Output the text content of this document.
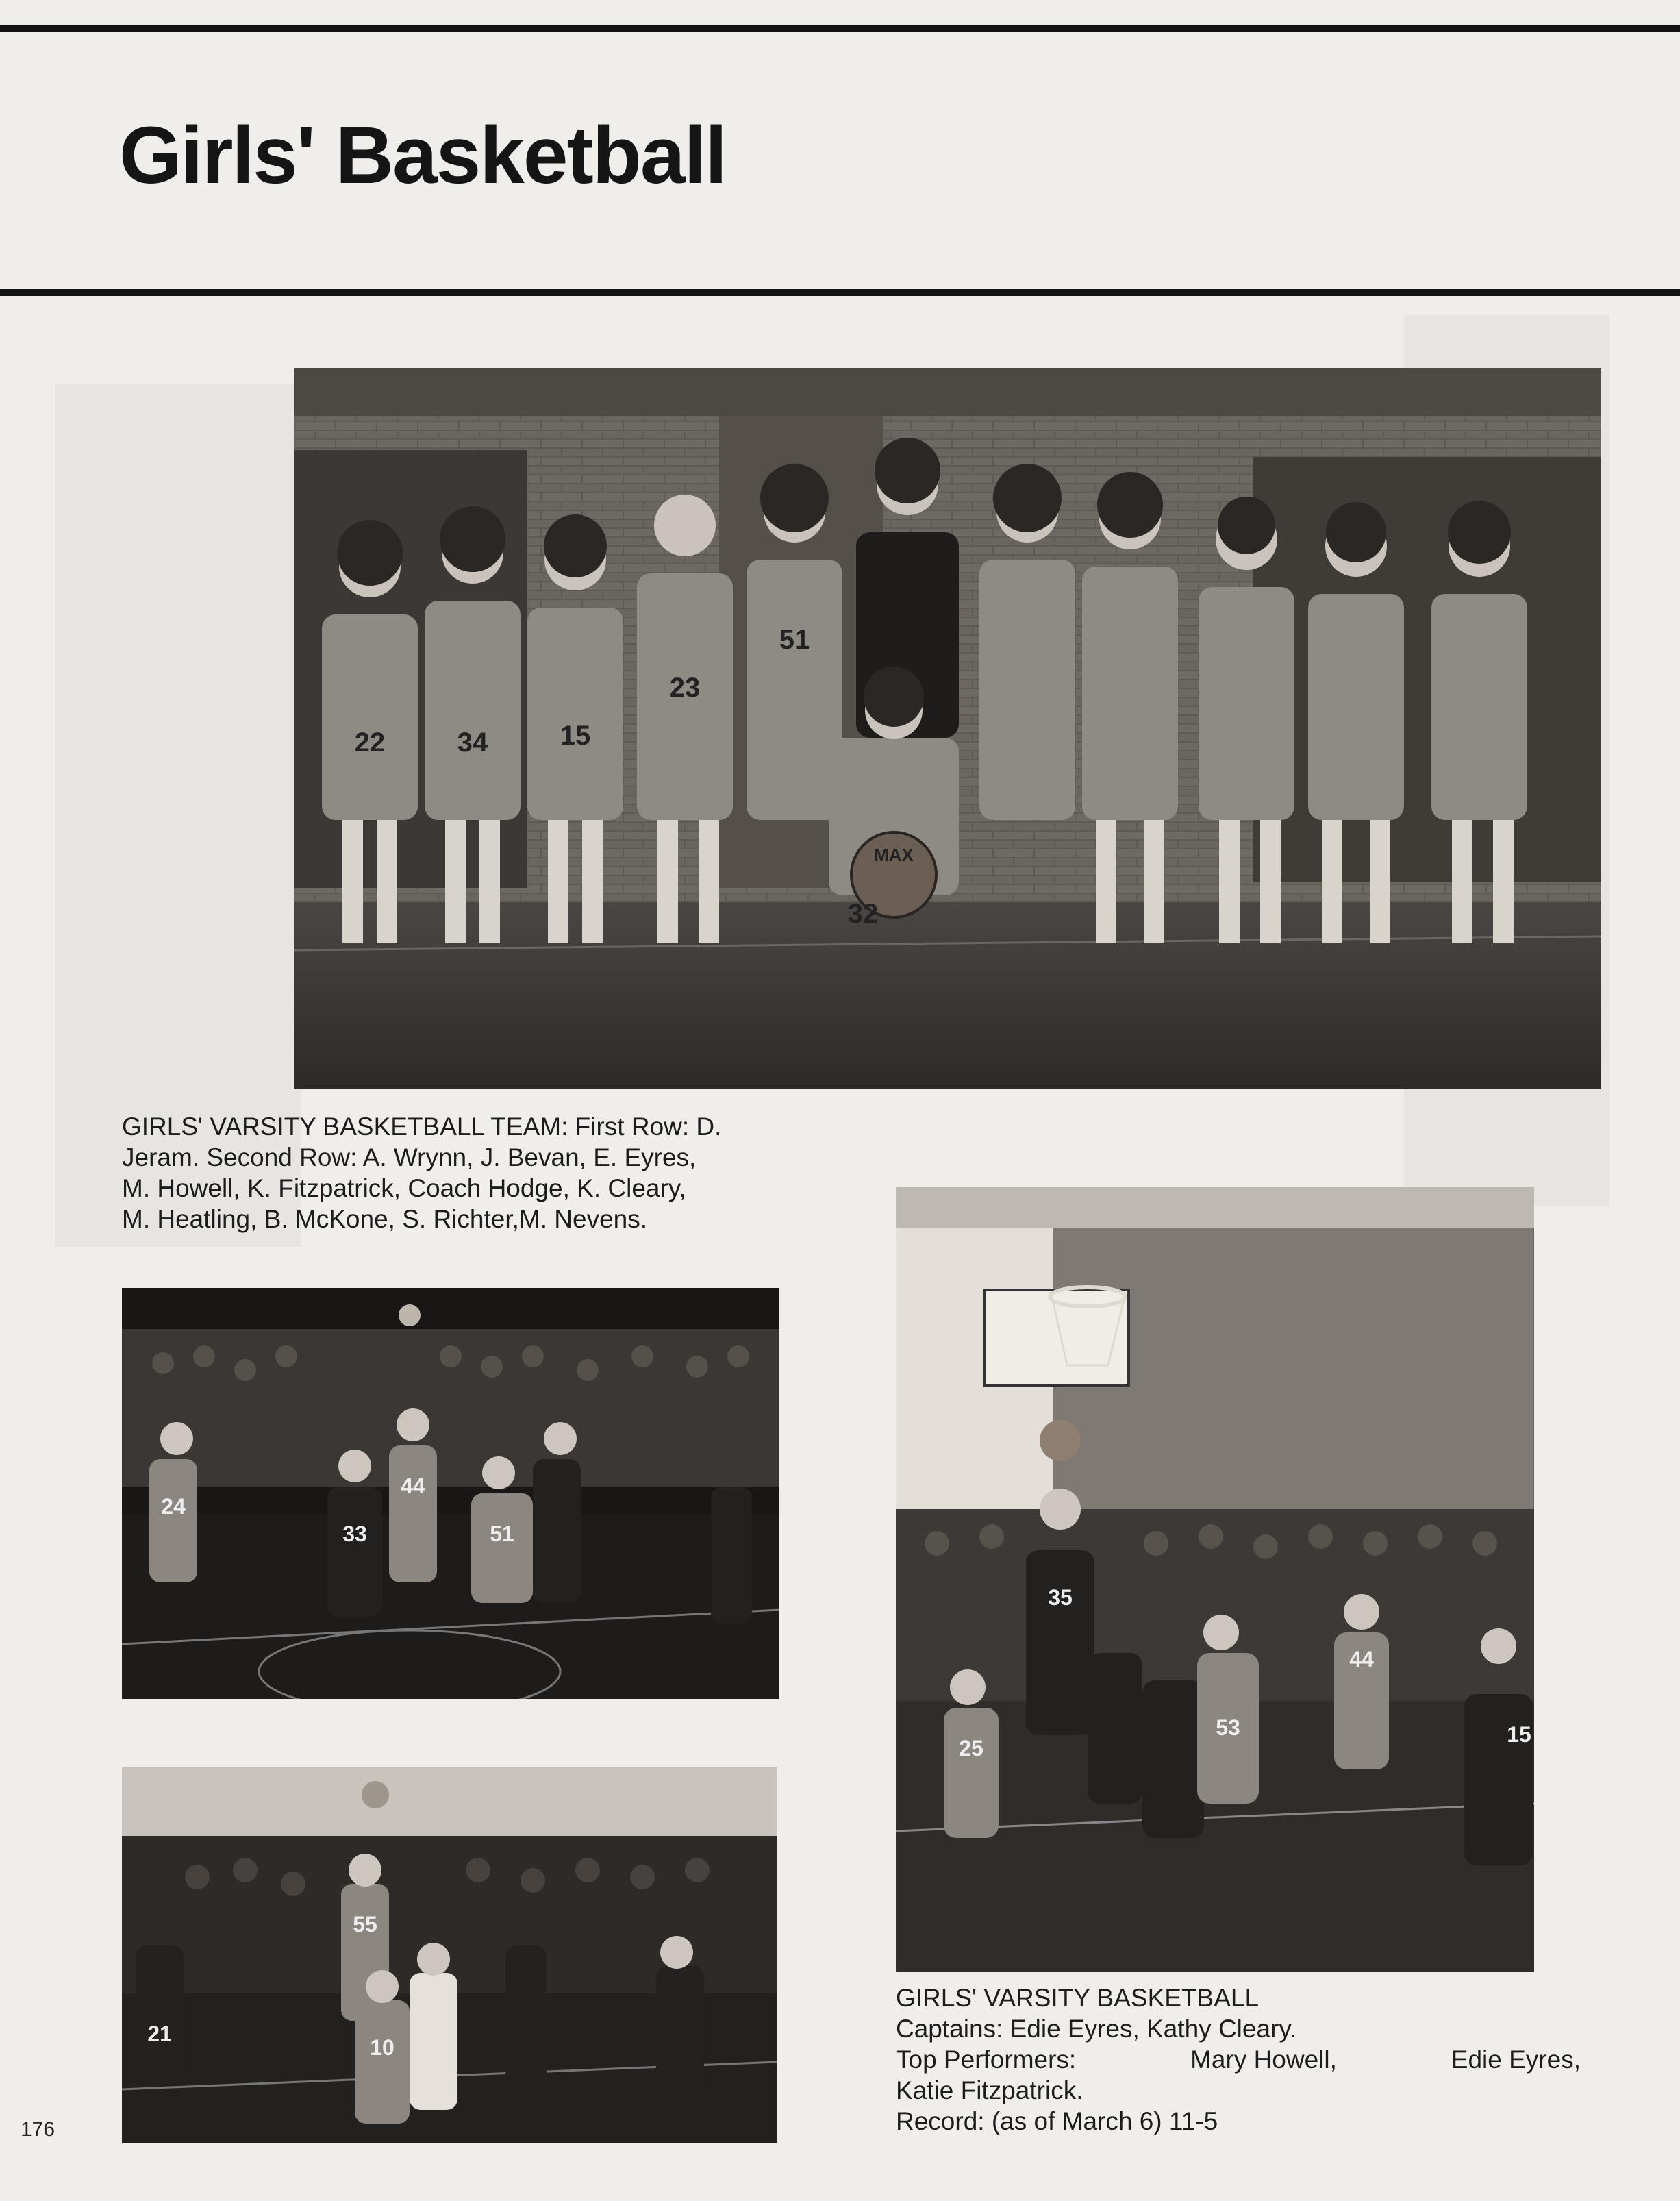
Girls' Basketball
22	34	15
23
51
32
MAX

GIRLS' VARSITY BASKETBALL TEAM: First Row: D.
Jeram. Second Row: A. Wrynn, J. Bevan, E. Eyres,
M. Howell, K. Fitzpatrick, Coach Hodge, K. Cleary,
M. Heatling, B. McKone, S. Richter,M. Nevens.

44
51
33
24
55
10
21
35
53
44
15
25
GIRLS' VARSITY BASKETBALL
Captains: Edie Eyres, Kathy Cleary.
Top Performers:	Mary Howell,	Edie Eyres,
Katie Fitzpatrick.
Record: (as of March 6) 11-5
176
